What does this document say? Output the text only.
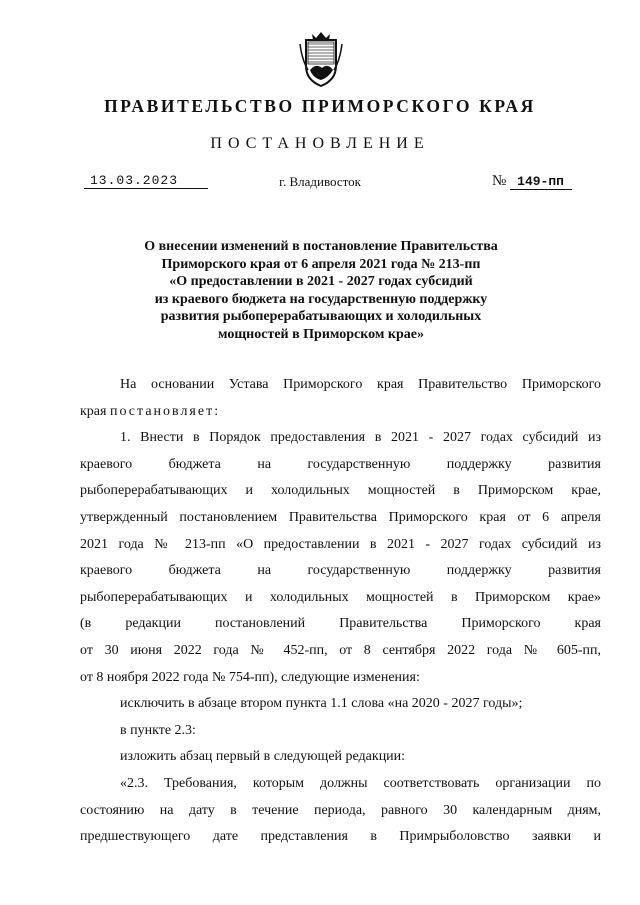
ПРАВИТЕЛЬСТВО ПРИМОРСКОГО КРАЯ
ПОСТАНОВЛЕНИЕ
13.03.2023	г. Владивосток	№ 149-пп
О внесении изменений в постановление Правительства
Приморского края от 6 апреля 2021 года № 213-пп
«О предоставлении в 2021 - 2027 годах субсидий
из краевого бюджета на государственную поддержку
развития рыбоперерабатывающих и холодильных
мощностей в Приморском крае»
На основании Устава Приморского края Правительство Приморского
края постановляет:
1. Внести в Порядок предоставления в 2021 - 2027 годах субсидий из
краевого бюджета на государственную поддержку развития
рыбоперерабатывающих и холодильных мощностей в Приморском крае,
утвержденный постановлением Правительства Приморского края от 6 апреля
2021 года № 213-пп «О предоставлении в 2021 - 2027 годах субсидий из
краевого бюджета на государственную поддержку развития
рыбоперерабатывающих и холодильных мощностей в Приморском крае»
(в редакции постановлений Правительства Приморского края
от 30 июня 2022 года № 452-пп, от 8 сентября 2022 года № 605-пп,
от 8 ноября 2022 года № 754-пп), следующие изменения:
исключить в абзаце втором пункта 1.1 слова «на 2020 - 2027 годы»;
в пункте 2.3:
изложить абзац первый в следующей редакции:
«2.3. Требования, которым должны соответствовать организации по
состоянию на дату в течение периода, равного 30 календарным дням,
предшествующего дате представления в Примрыболовство заявки и
